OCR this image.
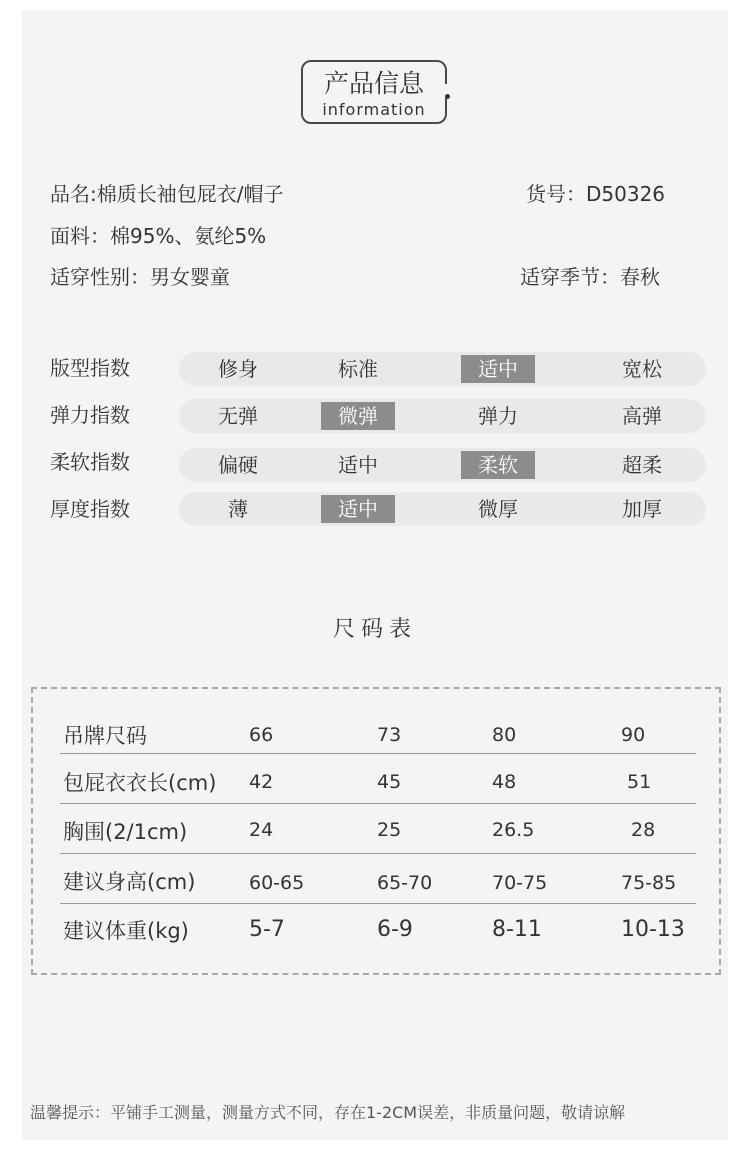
产品信息
information
品名:棉质长袖包屁衣/帽子	货号：D50326
面料：棉95%、氨纶5%
适穿性别：男女婴童	适穿季节：春秋
版型指数	修身	标准	适中	宽松
弹力指数	无弹	微弹	弹力	高弹
柔软指数	偏硬	适中	柔软	超柔
厚度指数	薄	适中	微厚	加厚
尺码表
吊牌尺码	66	73	80	90
包屁衣衣长(cm) 42	45	48	51
胸围(2/1cm)	24	25	26.5	28
建议身高(cm)	60-65	65-70	70-75	75-85
建议体重(kg)	5-7	6-9	8-11	10-13
温馨提示：平铺手工测量，测量方式不同，存在1-2CM误差，非质量问题，敬请谅解
